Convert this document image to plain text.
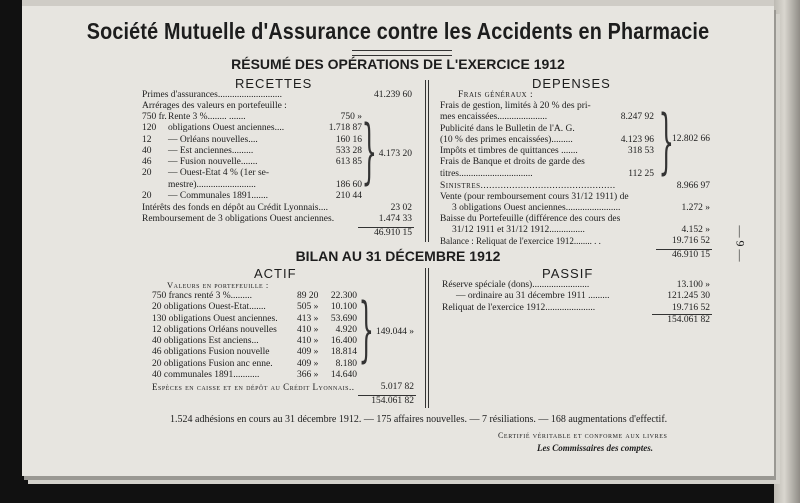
Société Mutuelle d'Assurance contre les Accidents en Pharmacie
RÉSUMÉ DES OPÉRATIONS DE L'EXERCICE 1912
RECETTES
Primes d'assurances...........................	41.239 60
Arrérages des valeurs en portefeuille :
750 fr.Rente 3 %........ .......	750 »
120 obligations Ouest anciennes....	1.718 87
12 — Orléans nouvelles....	160 16
40 — Est anciennes.........	533 28
46 — Fusion nouvelle.......	613 85
20 — Ouest-Etat 4 % (1er se-
mestre).........................	186 60
20 — Communales 1891.......	210 44
} 4.173 20
Intérêts des fonds en dépôt au Crédit Lyonnais....	23 02
Remboursement de 3 obligations Ouest anciennes.	1.474 33
46.910 15
DEPENSES
Frais généraux :
Frais de gestion, limités à 20 % des pri-
mes encaissées.....................	8.247 92
Publicité dans le Bulletin de l'A. G.
(10 % des primes encaissées).........	4.123 96
Impôts et timbres de quittances .......	318 53
Frais de Banque et droits de garde des
titres...............................	112 25 }
12.802 66
Sinistres...............................................	8.966 97
Vente (pour remboursement cours 31/12 1911) de
3 obligations Ouest anciennes.......................	1.272 »
Baisse du Portefeuille (différence des cours des
31/12 1911 et 31/12 1912...............	4.152 »
Balance : Reliquat de l'exercice 1912........ . .	19.716 52
46.910 15 — 9 —
BILAN AU 31 DÉCEMBRE 1912
ACTIF
Valeurs en portefeuille :
750 francs renté 3 %.........	89 20 22.300
20 obligations Ouest-Etat.......	505 » 10.100
130 obligations Ouest anciennes. 413 » 53.690
12 obligations Orléans nouvelles 410 » 4.920
40 obligations Est anciens...	410 » 16.400
46 obligations Fusion nouvelle	409 » 18.814
20 obligations Fusion anc enne.	409 » 8.180
40 communales 1891...........	366 » 14.640
} 149.044 »
Espèces en caisse et en dépôt au Crédit Lyonnais..	5.017 82
154.061 82
PASSIF
Réserve spéciale (dons)........................	13.100 »
— ordinaire au 31 décembre 1911 .........	121.245 30
Reliquat de l'exercice 1912.....................	19.716 52
154.061 82
1.524 adhésions en cours au 31 décembre 1912. — 175 affaires nouvelles. — 7 résiliations. — 168 augmentations d'effectif.
Certifié véritable et conforme aux livres
Les Commissaires des comptes.
